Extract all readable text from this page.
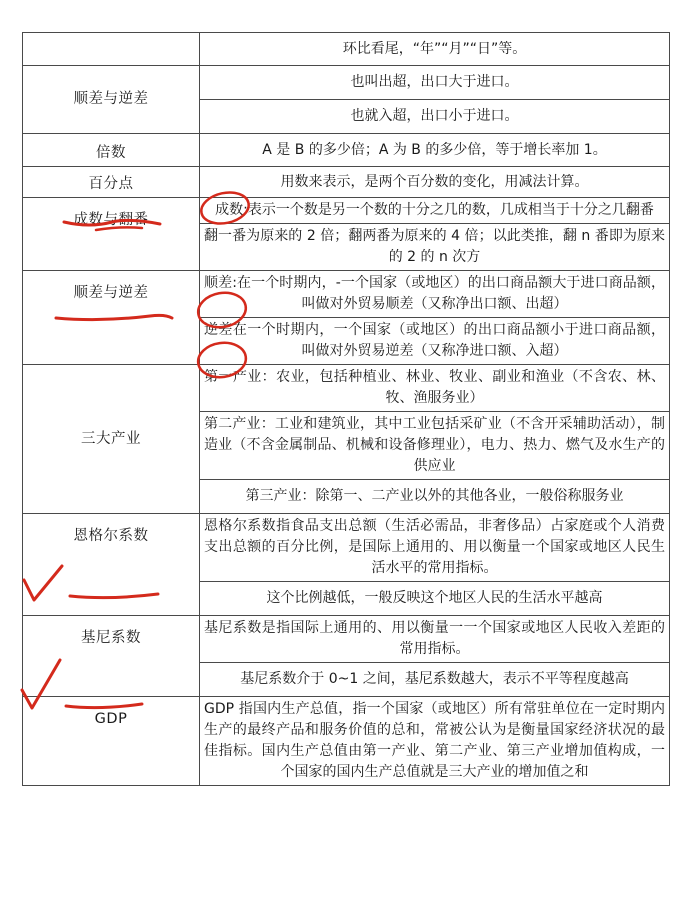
	环比看尾，“年”“月”“日”等。
顺差与逆差	也叫出超，出口大于进口。
	也就入超，出口小于进口。
倍数	A 是 B 的多少倍；A 为 B 的多少倍，等于增长率加 1。
百分点	用数来表示，是两个百分数的变化，用减法计算。
成数与翻番	成数:表示一个数是另一个数的十分之几的数，几成相当于十分之几翻番
	翻一番为原来的 2 倍；翻两番为原来的 4 倍；以此类推，翻 n 番即为原来的 2 的 n 次方
顺差与逆差	顺差:在一个时期内，-一个国家（或地区）的出口商品额大于进口商品额，叫做对外贸易顺差（又称净出口额、出超）
	逆差在一个时期内，一个国家（或地区）的出口商品额小于进口商品额，叫做对外贸易逆差（又称净进口额、入超）
三大产业	第一产业：农业，包括种植业、林业、牧业、副业和渔业（不含农、林、牧、渔服务业）
	第二产业：工业和建筑业，其中工业包括采矿业（不含开采辅助活动），制造业（不含金属制品、机械和设备修理业），电力、热力、燃气及水生产的供应业
	第三产业：除第一、二产业以外的其他各业，一般俗称服务业
恩格尔系数	恩格尔系数指食品支出总额（生活必需品，非奢侈品）占家庭或个人消费支出总额的百分比例，是国际上通用的、用以衡量一个国家或地区人民生活水平的常用指标。
	这个比例越低，一般反映这个地区人民的生活水平越高
基尼系数	基尼系数是指国际上通用的、用以衡量一一个国家或地区人民收入差距的常用指标。
	基尼系数介于 0~1 之间，基尼系数越大，表示不平等程度越高
GDP	GDP 指国内生产总值，指一个国家（或地区）所有常驻单位在一定时期内生产的最终产品和服务价值的总和，常被公认为是衡量国家经济状况的最佳指标。国内生产总值由第一产业、第二产业、第三产业增加值构成，一个国家的国内生产总值就是三大产业的增加值之和
